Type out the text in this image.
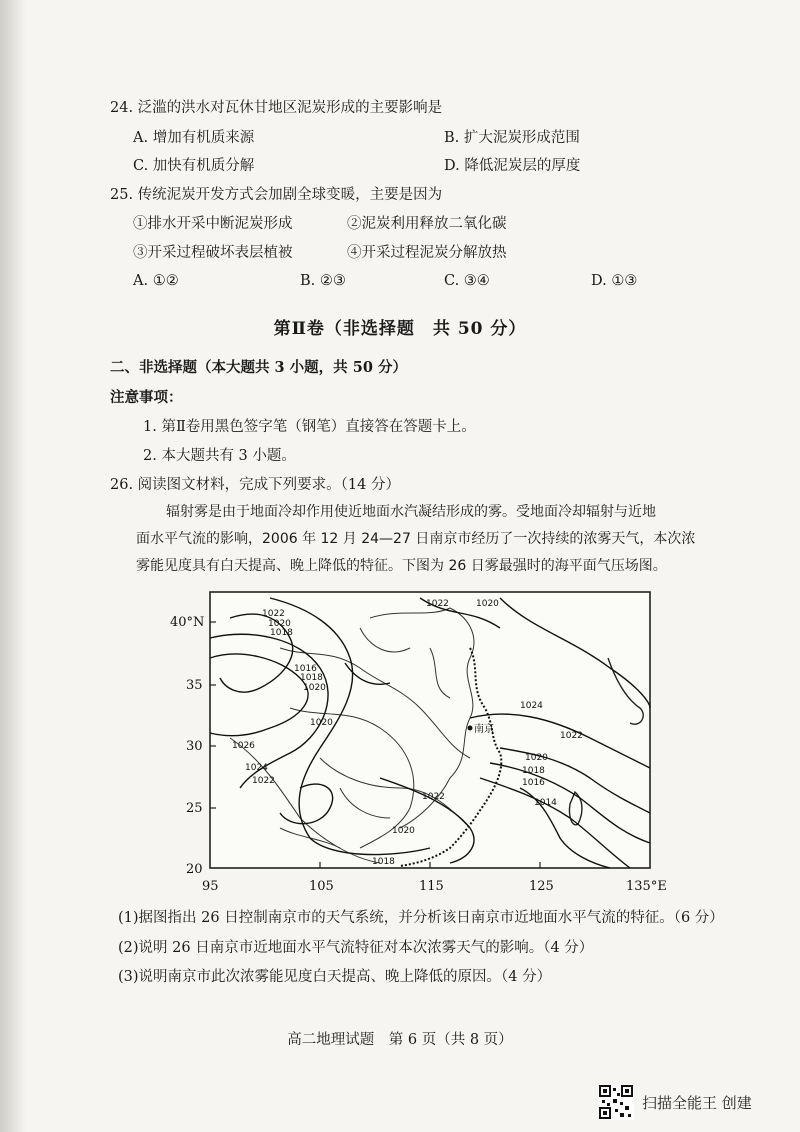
24. 泛滥的洪水对瓦休甘地区泥炭形成的主要影响是
A. 增加有机质来源	B. 扩大泥炭形成范围
C. 加快有机质分解	D. 降低泥炭层的厚度
25. 传统泥炭开发方式会加剧全球变暖，主要是因为
①排水开采中断泥炭形成	②泥炭利用释放二氧化碳
③开采过程破坏表层植被	④开采过程泥炭分解放热
A. ①②	B. ②③	C. ③④	D. ①③
第Ⅱ卷（非选择题　共 50 分）
二、非选择题（本大题共 3 小题，共 50 分）
注意事项：
1. 第Ⅱ卷用黑色签字笔（钢笔）直接答在答题卡上。
2. 本大题共有 3 小题。
26. 阅读图文材料，完成下列要求。（14 分）
辐射雾是由于地面冷却作用使近地面水汽凝结形成的雾。受地面冷却辐射与近地
面水平气流的影响，2006 年 12 月 24—27 日南京市经历了一次持续的浓雾天气，本次浓
雾能见度具有白天提高、晚上降低的特征。下图为 26 日雾最强时的海平面气压场图。
南京
1022
1020
1018
1022	1020
1016
1018
1020
1020
1026
1024
1022
1024
1022
1020
1018
1016
1014
1022
1020
1018
40°N
35
30
25
20
95	105	115	125	135°E
(1)据图指出 26 日控制南京市的天气系统，并分析该日南京市近地面水平气流的特征。（6 分）
(2)说明 26 日南京市近地面水平气流特征对本次浓雾天气的影响。（4 分）
(3)说明南京市此次浓雾能见度白天提高、晚上降低的原因。（4 分）
高二地理试题　第 6 页（共 8 页）
扫描全能王 创建
